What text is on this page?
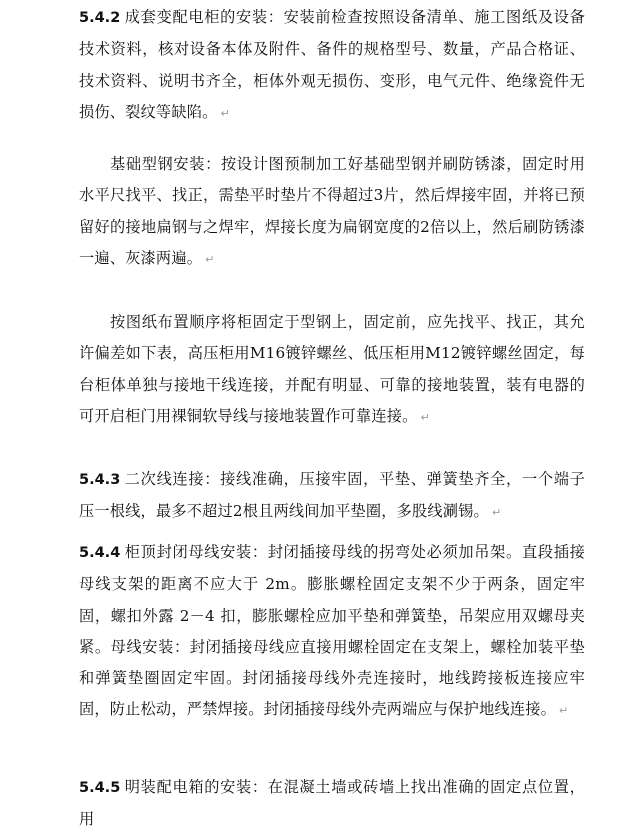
5.4.2 成套变配电柜的安装：安装前检查按照设备清单、施工图纸及设备技术资料，核对设备本体及附件、备件的规格型号、数量，产品合格证、技术资料、说明书齐全，柜体外观无损伤、变形，电气元件、绝缘瓷件无损伤、裂纹等缺陷。 ↵

基础型钢安装：按设计图预制加工好基础型钢并刷防锈漆，固定时用水平尺找平、找正，需垫平时垫片不得超过3片，然后焊接牢固，并将已预留好的接地扁钢与之焊牢，焊接长度为扁钢宽度的2倍以上，然后刷防锈漆一遍、灰漆两遍。 ↵

按图纸布置顺序将柜固定于型钢上，固定前，应先找平、找正，其允许偏差如下表，高压柜用M16镀锌螺丝、低压柜用M12镀锌螺丝固定，每台柜体单独与接地干线连接，并配有明显、可靠的接地装置，装有电器的可开启柜门用裸铜软导线与接地装置作可靠连接。 ↵

5.4.3 二次线连接：接线准确，压接牢固，平垫、弹簧垫齐全，一个端子压一根线，最多不超过2根且两线间加平垫圈，多股线涮锡。 ↵

5.4.4 柜顶封闭母线安装：封闭插接母线的拐弯处必须加吊架。直段插接母线支架的距离不应大于 2m。膨胀螺栓固定支架不少于两条，固定牢固，螺扣外露 2－4 扣，膨胀螺栓应加平垫和弹簧垫，吊架应用双螺母夹紧。母线安装：封闭插接母线应直接用螺栓固定在支架上，螺栓加装平垫和弹簧垫圈固定牢固。封闭插接母线外壳连接时，地线跨接板连接应牢固，防止松动，严禁焊接。封闭插接母线外壳两端应与保护地线连接。 ↵

5.4.5 明装配电箱的安装：在混凝土墙或砖墙上找出准确的固定点位置，用
